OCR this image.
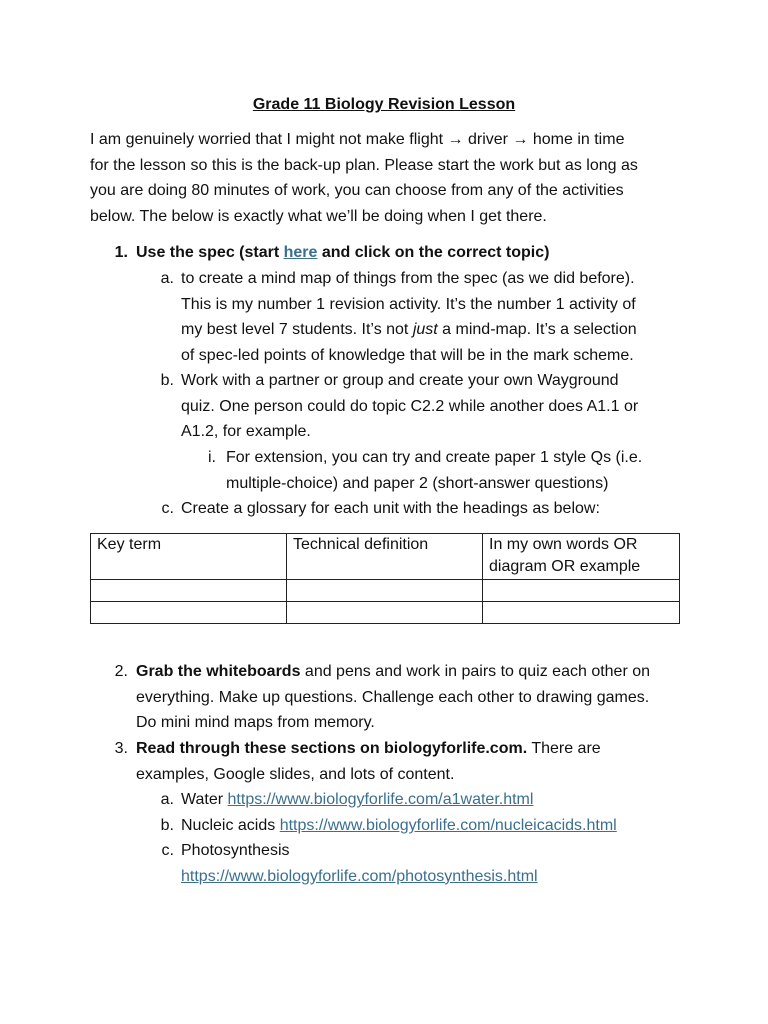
Grade 11 Biology Revision Lesson
I am genuinely worried that I might not make flight → driver → home in time
for the lesson so this is the back-up plan. Please start the work but as long as
you are doing 80 minutes of work, you can choose from any of the activities
below. The below is exactly what we’ll be doing when I get there.
1. Use the spec (start here and click on the correct topic)
a. to create a mind map of things from the spec (as we did before).
This is my number 1 revision activity. It’s the number 1 activity of
my best level 7 students. It’s not just a mind-map. It’s a selection
of spec-led points of knowledge that will be in the mark scheme.
b. Work with a partner or group and create your own Wayground
quiz. One person could do topic C2.2 while another does A1.1 or
A1.2, for example.
i. For extension, you can try and create paper 1 style Qs (i.e.
multiple-choice) and paper 2 (short-answer questions)
c. Create a glossary for each unit with the headings as below:
Key term	Technical definition	In my own words OR diagram OR example

2. Grab the whiteboards and pens and work in pairs to quiz each other on
everything. Make up questions. Challenge each other to drawing games.
Do mini mind maps from memory.
3. Read through these sections on biologyforlife.com. There are
examples, Google slides, and lots of content.
a. Water https://www.biologyforlife.com/a1water.html
b. Nucleic acids https://www.biologyforlife.com/nucleicacids.html
c. Photosynthesis
https://www.biologyforlife.com/photosynthesis.html
